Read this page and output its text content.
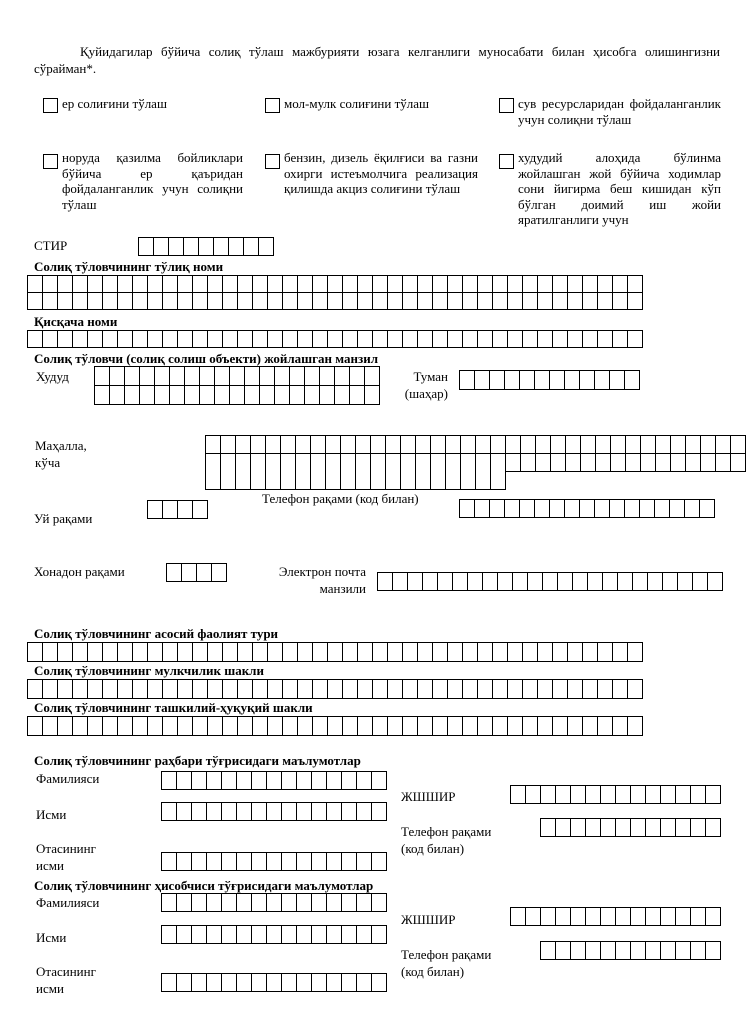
Қуйидагилар бўйича солиқ тўлаш мажбурияти юзага келганлиги муносабати билан ҳисобга олишингизни сўрайман*.
ер солиғини тўлаш	мол-мулк солиғини тўлаш	сув ресурсларидан фойдаланганлик учун солиқни тўлаш
норуда қазилма бойликлари бўйича ер қаъридан фойдаланганлик учун солиқни тўлаш
бензин, дизель ёқилғиси ва газни охирги истеъмолчига реализация қилишда акциз солиғини тўлаш
худудий алоҳида бўлинма жойлашган жой бўйича ходимлар сони йигирма беш кишидан кўп бўлган доимий иш жойи яратилганлиги учун
СТИР
Солиқ тўловчининг тўлиқ номи
Қисқача номи
Солиқ тўловчи (солиқ солиш объекти) жойлашган манзил
Худуд	Туман (шаҳар)
Маҳалла, кўча
Уй рақами
Телефон рақами (код билан)
Хонадон рақами	Электрон почта манзили
Солиқ тўловчининг асосий фаолият тури
Солиқ тўловчининг мулкчилик шакли
Солиқ тўловчининг ташкилий-ҳуқуқий шакли
Солиқ тўловчининг раҳбари тўғрисидаги маълумотлар
Фамилияси
Исми
Отасининг исми
ЖШШИР
Телефон рақами (код билан)
Солиқ тўловчининг ҳисобчиси тўғрисидаги маълумотлар
Фамилияси
Исми
Отасининг исми
ЖШШИР
Телефон рақами (код билан)
